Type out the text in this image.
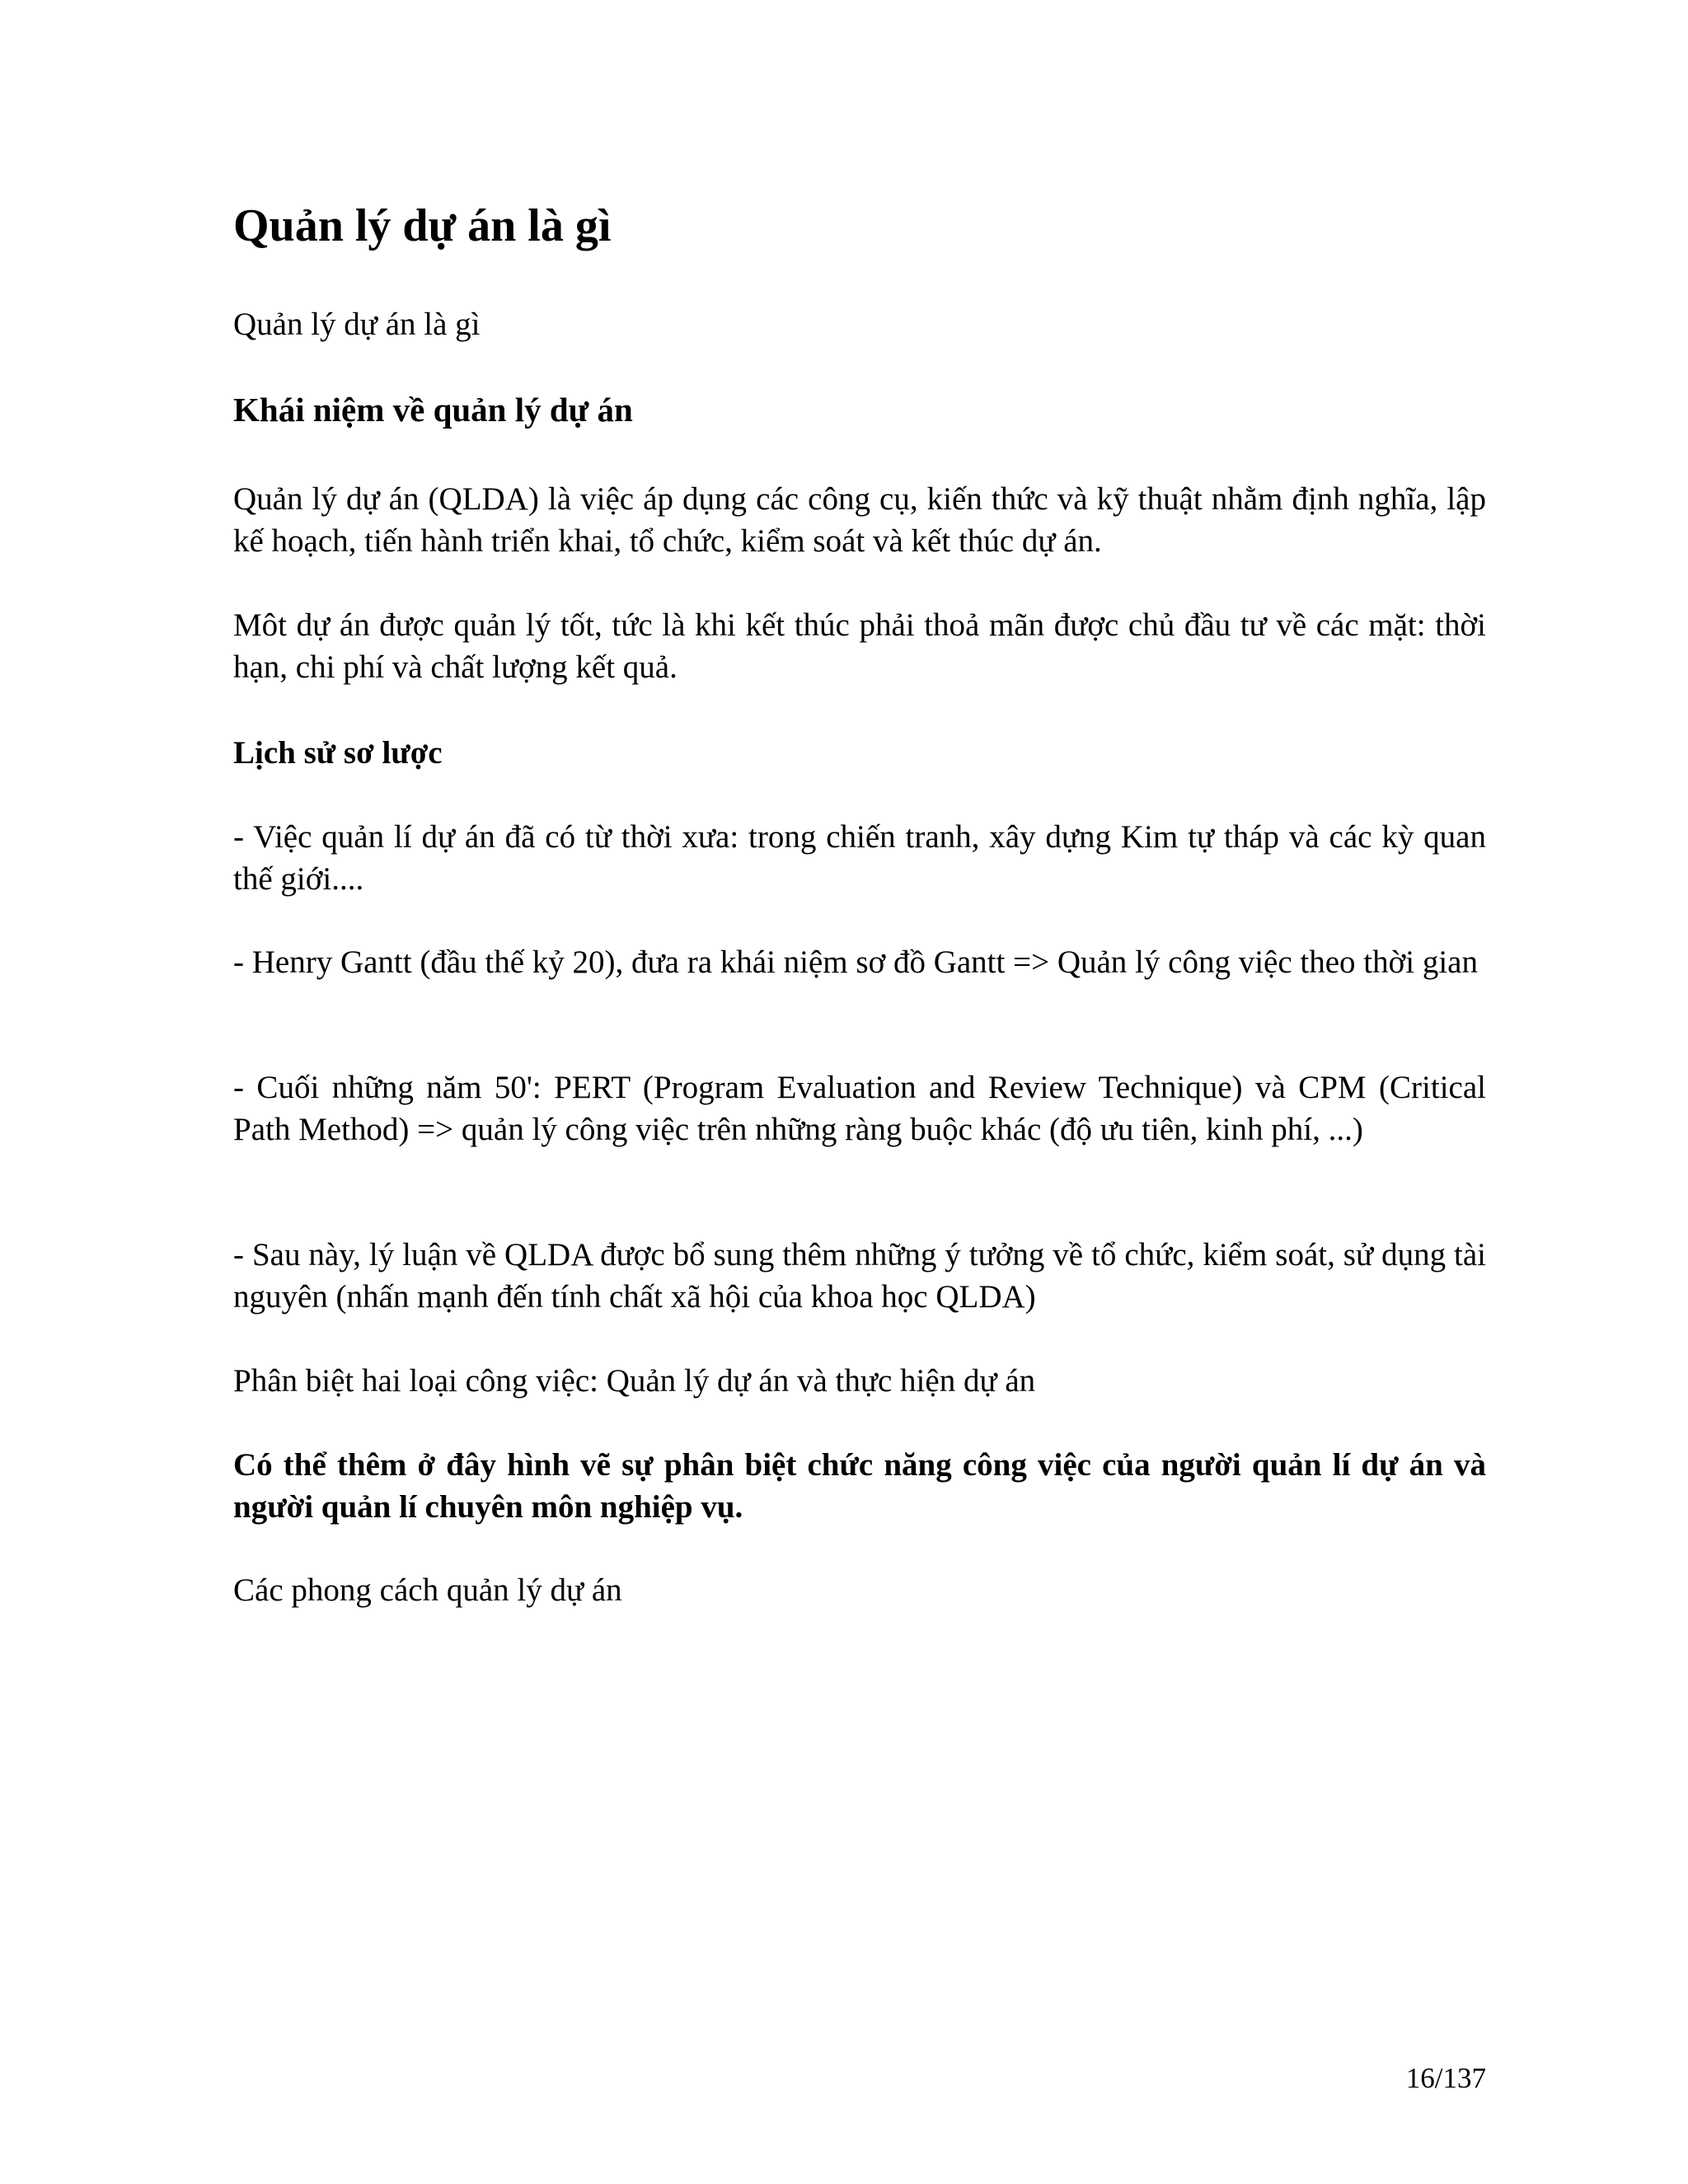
Quản lý dự án là gì

Quản lý dự án là gì

Khái niệm về quản lý dự án

Quản lý dự án (QLDA) là việc áp dụng các công cụ, kiến thức và kỹ thuật nhằm định nghĩa, lập kế hoạch, tiến hành triển khai, tổ chức, kiểm soát và kết thúc dự án.

Môt dự án được quản lý tốt, tức là khi kết thúc phải thoả mãn được chủ đầu tư về các mặt: thời hạn, chi phí và chất lượng kết quả.

Lịch sử sơ lược

- Việc quản lí dự án đã có từ thời xưa: trong chiến tranh, xây dựng Kim tự tháp và các kỳ quan thế giới....

- Henry Gantt (đầu thế kỷ 20), đưa ra khái niệm sơ đồ Gantt => Quản lý công việc theo thời gian

- Cuối những năm 50': PERT (Program Evaluation and Review Technique) và CPM (Critical Path Method) => quản lý công việc trên những ràng buộc khác (độ ưu tiên, kinh phí, ...)

- Sau này, lý luận về QLDA được bổ sung thêm những ý tưởng về tổ chức, kiểm soát, sử dụng tài nguyên (nhấn mạnh đến tính chất xã hội của khoa học QLDA)

Phân biệt hai loại công việc: Quản lý dự án và thực hiện dự án

Có thể thêm ở đây hình vẽ sự phân biệt chức năng công việc của người quản lí dự án và người quản lí chuyên môn nghiệp vụ.

Các phong cách quản lý dự án

16/137
